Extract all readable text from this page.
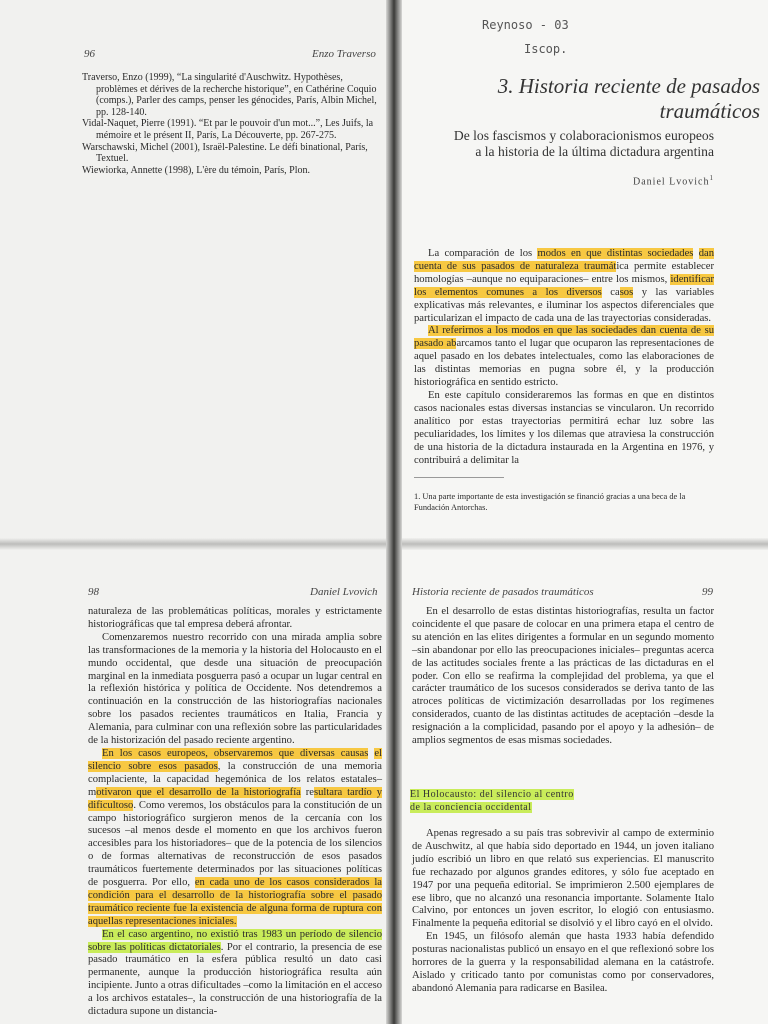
96	Enzo Traverso
Traverso, Enzo (1999), “La singularité d'Auschwitz. Hypothèses, problèmes et dérives de la recherche historique”, en Cathérine Coquio (comps.), Parler des camps, penser les génocides, París, Albin Michel, pp. 128-140.
Vidal-Naquet, Pierre (1991). “Et par le pouvoir d'un mot...”, Les Juifs, la mémoire et le présent II, París, La Découverte, pp. 267-275.
Warschawski, Michel (2001), Israël-Palestine. Le défi binational, París, Textuel.
Wiewiorka, Annette (1998), L'ère du témoin, París, Plon.
Reynoso - 03
Iscop.
3. Historia reciente de pasados
traumáticos
De los fascismos y colaboracionismos europeos
a la historia de la última dictadura argentina
Daniel Lvovich$^1$

La comparación de los modos en que distintas sociedades dan cuenta de sus pasados de naturaleza traumática permite establecer homologías –aunque no equiparaciones– entre los mismos, identificar los elementos comunes a los diversos casos y las variables explicativas más relevantes, e iluminar los aspectos diferenciales que particularizan el impacto de cada una de las trayectorias consideradas.

Al referirnos a los modos en que las sociedades dan cuenta de su pasado abarcamos tanto el lugar que ocuparon las representaciones de aquel pasado en los debates intelectuales, como las elaboraciones de las distintas memorias en pugna sobre él, y la producción historiográfica en sentido estricto.

En este capítulo consideraremos las formas en que en distintos casos nacionales estas diversas instancias se vincularon. Un recorrido analítico por estas trayectorias permitirá echar luz sobre las peculiaridades, los límites y los dilemas que atraviesa la construcción de una historia de la dictadura instaurada en la Argentina en 1976, y contribuirá a delimitar la

1. Una parte importante de esta investigación se financió gracias a una beca de la Fundación Antorchas.
98	Daniel Lvovich

naturaleza de las problemáticas políticas, morales y estrictamente historiográficas que tal empresa deberá afrontar.

Comenzaremos nuestro recorrido con una mirada amplia sobre las transformaciones de la memoria y la historia del Holocausto en el mundo occidental, que desde una situación de preocupación marginal en la inmediata posguerra pasó a ocupar un lugar central en la reflexión histórica y política de Occidente. Nos detendremos a continuación en la construcción de las historiografías nacionales sobre los pasados recientes traumáticos en Italia, Francia y Alemania, para culminar con una reflexión sobre las particularidades de la historización del pasado reciente argentino.

En los casos europeos, observaremos que diversas causas el silencio sobre esos pasados, la construcción de una memoria complaciente, la capacidad hegemónica de los relatos estatales– motivaron que el desarrollo de la historiografía resultara tardío y dificultoso. Como veremos, los obstáculos para la constitución de un campo historiográfico surgieron menos de la cercanía con los sucesos –al menos desde el momento en que los archivos fueron accesibles para los historiadores– que de la potencia de los silencios o de formas alternativas de reconstrucción de esos pasados traumáticos fuertemente determinados por las situaciones políticas de posguerra. Por ello, en cada uno de los casos considerados la condición para el desarrollo de la historiografía sobre el pasado traumático reciente fue la existencia de alguna forma de ruptura con aquellas representaciones iniciales.

En el caso argentino, no existió tras 1983 un período de silencio sobre las políticas dictatoriales. Por el contrario, la presencia de ese pasado traumático en la esfera pública resultó un dato casi permanente, aunque la producción historiográfica resulta aún incipiente. Junto a otras dificultades –como la limitación en el acceso a los archivos estatales–, la construcción de una historiografía de la dictadura supone un distancia-

Historia reciente de pasados traumáticos	99

En el desarrollo de estas distintas historiografías, resulta un factor coincidente el que pasare de colocar en una primera etapa el centro de su atención en las elites dirigentes a formular en un segundo momento –sin abandonar por ello las preocupaciones iniciales– preguntas acerca de las actitudes sociales frente a las prácticas de las dictaduras en el poder. Con ello se reafirma la complejidad del problema, ya que el carácter traumático de los sucesos considerados se deriva tanto de las atroces políticas de victimización desarrolladas por los regímenes considerados, cuanto de las distintas actitudes de aceptación –desde la resignación a la complicidad, pasando por el apoyo y la adhesión– de amplios segmentos de esas mismas sociedades.

El Holocausto: del silencio al centro
de la conciencia occidental

Apenas regresado a su país tras sobrevivir al campo de exterminio de Auschwitz, al que había sido deportado en 1944, un joven italiano judío escribió un libro en que relató sus experiencias. El manuscrito fue rechazado por algunos grandes editores, y sólo fue aceptado en 1947 por una pequeña editorial. Se imprimieron 2.500 ejemplares de ese libro, que no alcanzó una resonancia importante. Solamente Italo Calvino, por entonces un joven escritor, lo elogió con entusiasmo. Finalmente la pequeña editorial se disolvió y el libro cayó en el olvido.

En 1945, un filósofo alemán que hasta 1933 había defendido posturas nacionalistas publicó un ensayo en el que reflexionó sobre los horrores de la guerra y la responsabilidad alemana en la catástrofe. Aislado y criticado tanto por comunistas como por conservadores, abandonó Alemania para radicarse en Basilea.
